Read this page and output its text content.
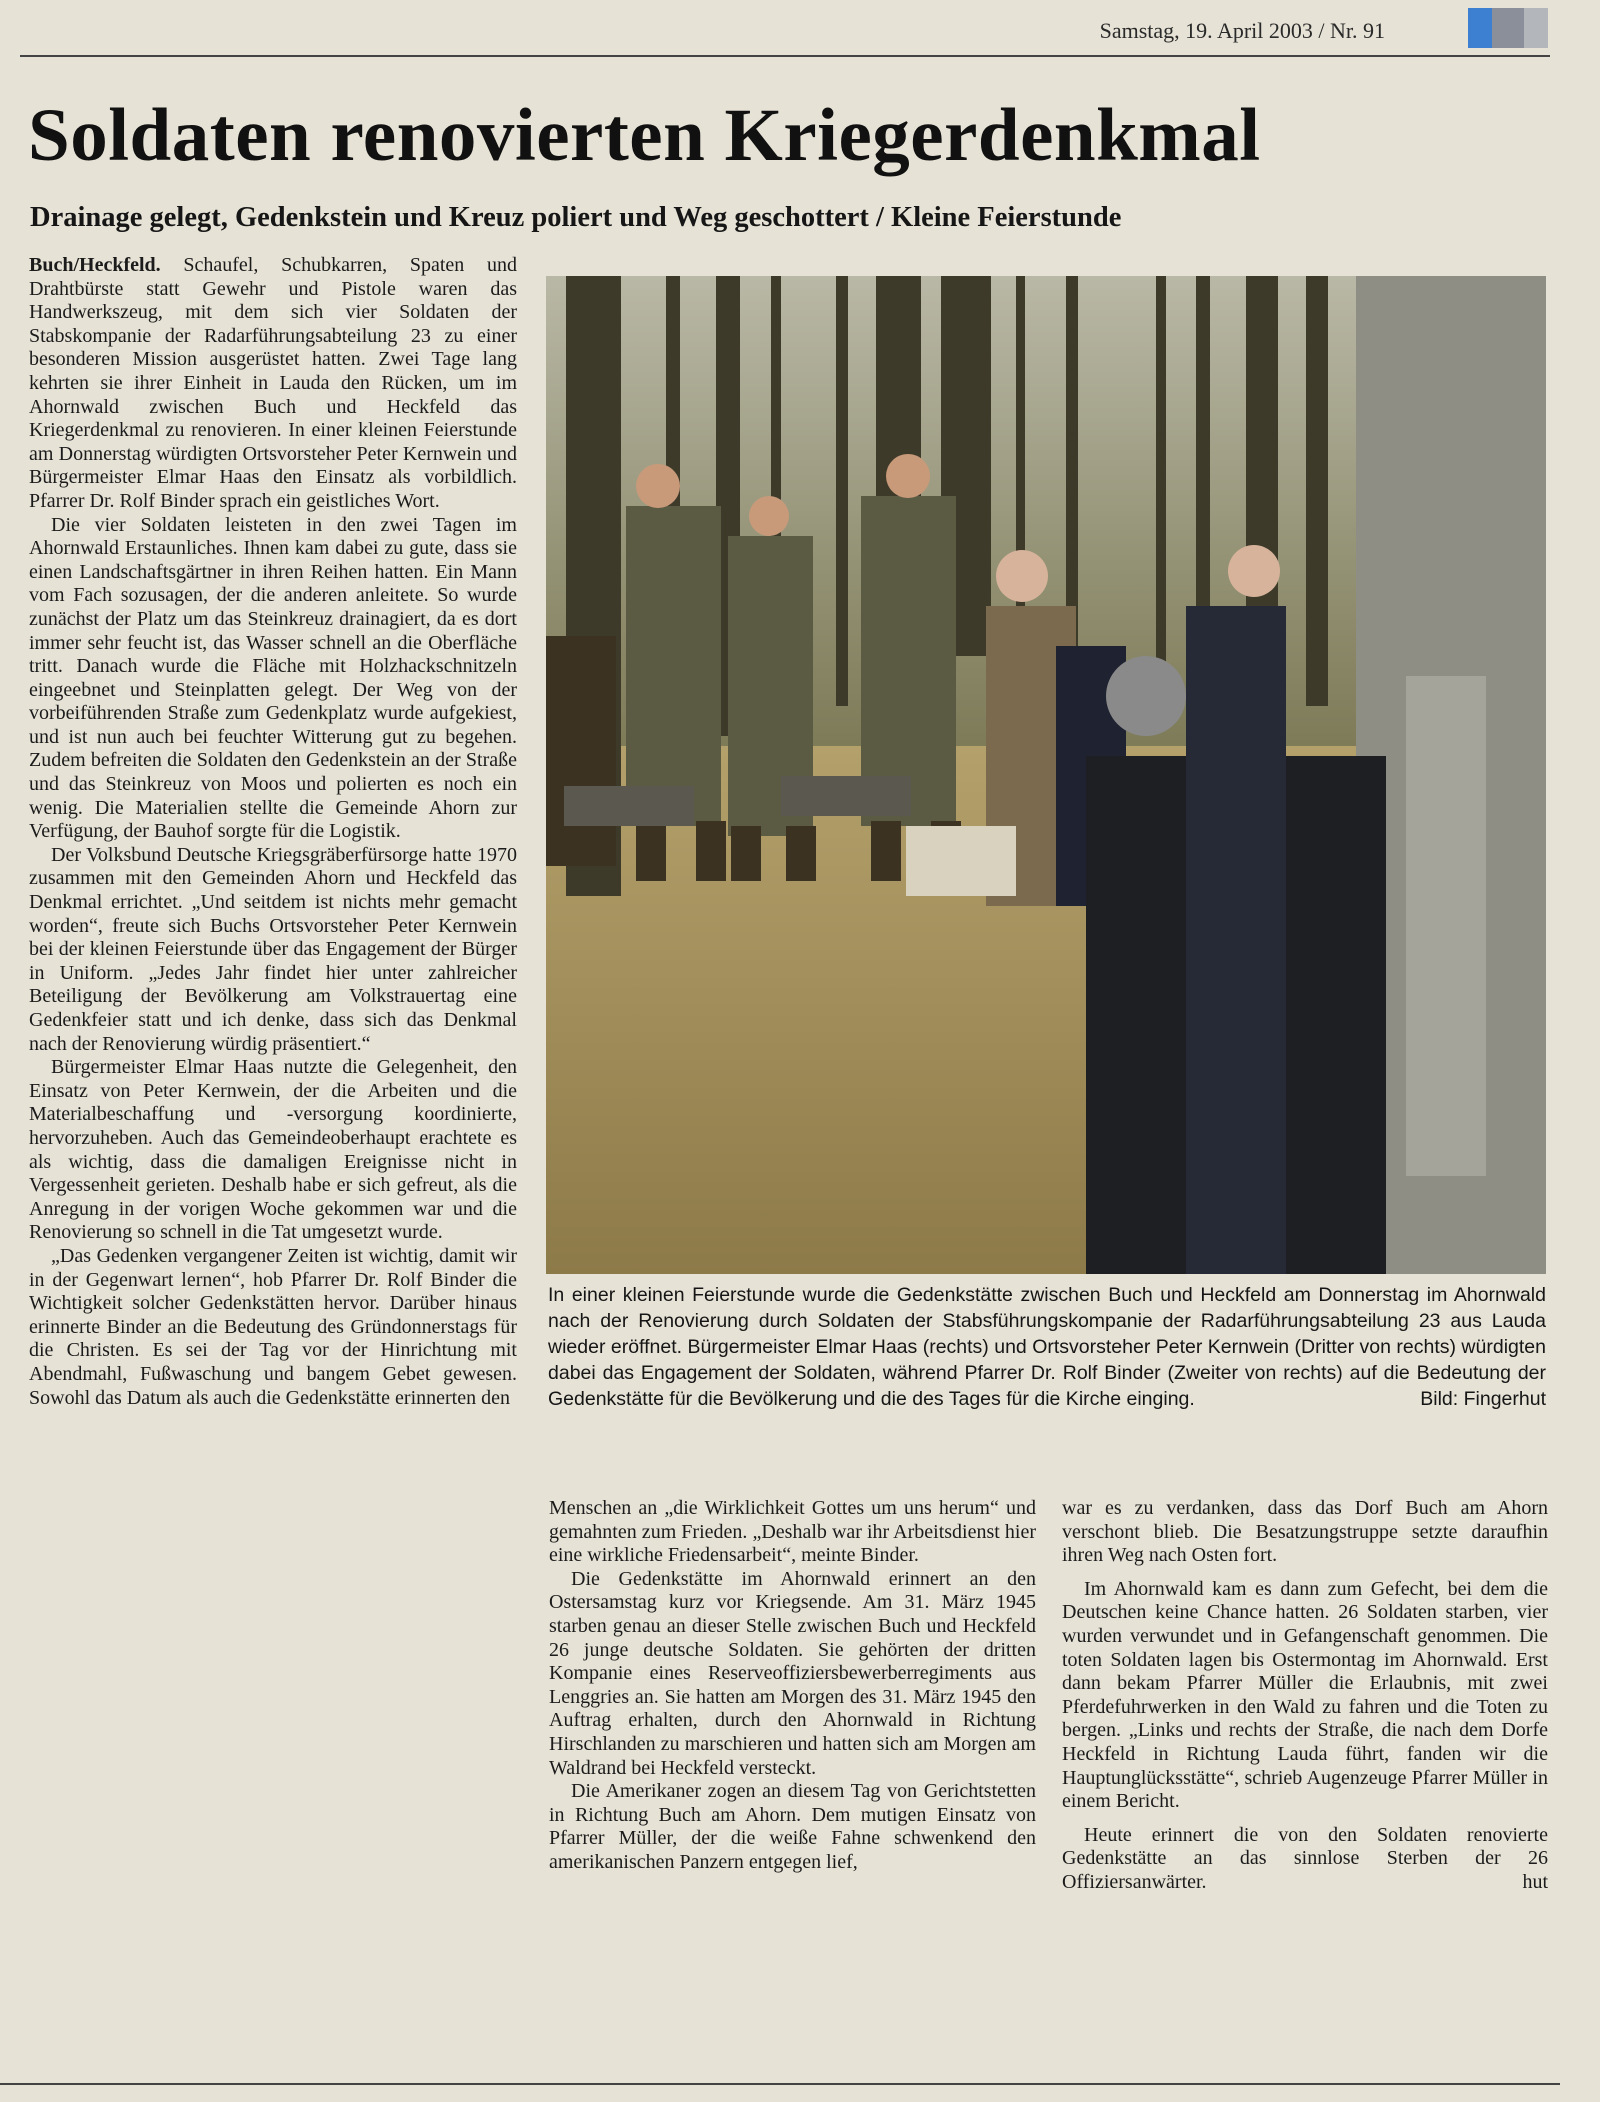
Samstag, 19. April 2003 / Nr. 91
Soldaten renovierten Kriegerdenkmal
Drainage gelegt, Gedenkstein und Kreuz poliert und Weg geschottert / Kleine Feierstunde

Buch/Heckfeld. Schaufel, Schubkarren, Spaten und Drahtbürste statt Gewehr und Pistole waren das Handwerkszeug, mit dem sich vier Soldaten der Stabskompanie der Radarführungsabteilung 23 zu einer besonderen Mission ausgerüstet hatten. Zwei Tage lang kehrten sie ihrer Einheit in Lauda den Rücken, um im Ahornwald zwischen Buch und Heckfeld das Kriegerdenkmal zu renovieren. In einer kleinen Feierstunde am Donnerstag würdigten Ortsvorsteher Peter Kernwein und Bürgermeister Elmar Haas den Einsatz als vorbildlich. Pfarrer Dr. Rolf Binder sprach ein geistliches Wort.

Die vier Soldaten leisteten in den zwei Tagen im Ahornwald Erstaunliches. Ihnen kam dabei zu gute, dass sie einen Landschaftsgärtner in ihren Reihen hatten. Ein Mann vom Fach sozusagen, der die anderen anleitete. So wurde zunächst der Platz um das Steinkreuz drainagiert, da es dort immer sehr feucht ist, das Wasser schnell an die Oberfläche tritt. Danach wurde die Fläche mit Holzhackschnitzeln eingeebnet und Steinplatten gelegt. Der Weg von der vorbeiführenden Straße zum Gedenkplatz wurde aufgekiest, und ist nun auch bei feuchter Witterung gut zu begehen. Zudem befreiten die Soldaten den Gedenkstein an der Straße und das Steinkreuz von Moos und polierten es noch ein wenig. Die Materialien stellte die Gemeinde Ahorn zur Verfügung, der Bauhof sorgte für die Logistik.

Der Volksbund Deutsche Kriegsgräberfürsorge hatte 1970 zusammen mit den Gemeinden Ahorn und Heckfeld das Denkmal errichtet. „Und seitdem ist nichts mehr gemacht worden“, freute sich Buchs Ortsvorsteher Peter Kernwein bei der kleinen Feierstunde über das Engagement der Bürger in Uniform. „Jedes Jahr findet hier unter zahlreicher Beteiligung der Bevölkerung am Volkstrauertag eine Gedenkfeier statt und ich denke, dass sich das Denkmal nach der Renovierung würdig präsentiert.“

Bürgermeister Elmar Haas nutzte die Gelegenheit, den Einsatz von Peter Kernwein, der die Arbeiten und die Materialbeschaffung und -versorgung koordinierte, hervorzuheben. Auch das Gemeindeoberhaupt erachtete es als wichtig, dass die damaligen Ereignisse nicht in Vergessenheit gerieten. Deshalb habe er sich gefreut, als die Anregung in der vorigen Woche gekommen war und die Renovierung so schnell in die Tat umgesetzt wurde.

„Das Gedenken vergangener Zeiten ist wichtig, damit wir in der Gegenwart lernen“, hob Pfarrer Dr. Rolf Binder die Wichtigkeit solcher Gedenkstätten hervor. Darüber hinaus erinnerte Binder an die Bedeutung des Gründonnerstags für die Christen. Es sei der Tag vor der Hinrichtung mit Abendmahl, Fußwaschung und bangem Gebet gewesen. Sowohl das Datum als auch die Gedenkstätte erinnerten den

In einer kleinen Feierstunde wurde die Gedenkstätte zwischen Buch und Heckfeld am Donnerstag im Ahornwald nach der Renovierung durch Soldaten der Stabsführungskompanie der Radarführungsabteilung 23 aus Lauda wieder eröffnet. Bürgermeister Elmar Haas (rechts) und Ortsvorsteher Peter Kernwein (Dritter von rechts) würdigten dabei das Engagement der Soldaten, während Pfarrer Dr. Rolf Binder (Zweiter von rechts) auf die Bedeutung der Gedenkstätte für die Bevölkerung und die des Tages für die Kirche einging.	Bild: Fingerhut

Menschen an „die Wirklichkeit Gottes um uns herum“ und gemahnten zum Frieden. „Deshalb war ihr Arbeitsdienst hier eine wirkliche Friedensarbeit“, meinte Binder.

Die Gedenkstätte im Ahornwald erinnert an den Ostersamstag kurz vor Kriegsende. Am 31. März 1945 starben genau an dieser Stelle zwischen Buch und Heckfeld 26 junge deutsche Soldaten. Sie gehörten der dritten Kompanie eines Reserveoffiziersbewerberregiments aus Lenggries an. Sie hatten am Morgen des 31. März 1945 den Auftrag erhalten, durch den Ahornwald in Richtung Hirschlanden zu marschieren und hatten sich am Morgen am Waldrand bei Heckfeld versteckt.

Die Amerikaner zogen an diesem Tag von Gerichtstetten in Richtung Buch am Ahorn. Dem mutigen Einsatz von Pfarrer Müller, der die weiße Fahne schwenkend den amerikanischen Panzern entgegen lief,

war es zu verdanken, dass das Dorf Buch am Ahorn verschont blieb. Die Besatzungstruppe setzte daraufhin ihren Weg nach Osten fort.

Im Ahornwald kam es dann zum Gefecht, bei dem die Deutschen keine Chance hatten. 26 Soldaten starben, vier wurden verwundet und in Gefangenschaft genommen. Die toten Soldaten lagen bis Ostermontag im Ahornwald. Erst dann bekam Pfarrer Müller die Erlaubnis, mit zwei Pferdefuhrwerken in den Wald zu fahren und die Toten zu bergen. „Links und rechts der Straße, die nach dem Dorfe Heckfeld in Richtung Lauda führt, fanden wir die Hauptunglücksstätte“, schrieb Augenzeuge Pfarrer Müller in einem Bericht.

Heute erinnert die von den Soldaten renovierte Gedenkstätte an das sinnlose Sterben der 26 Offiziersanwärter.	hut
